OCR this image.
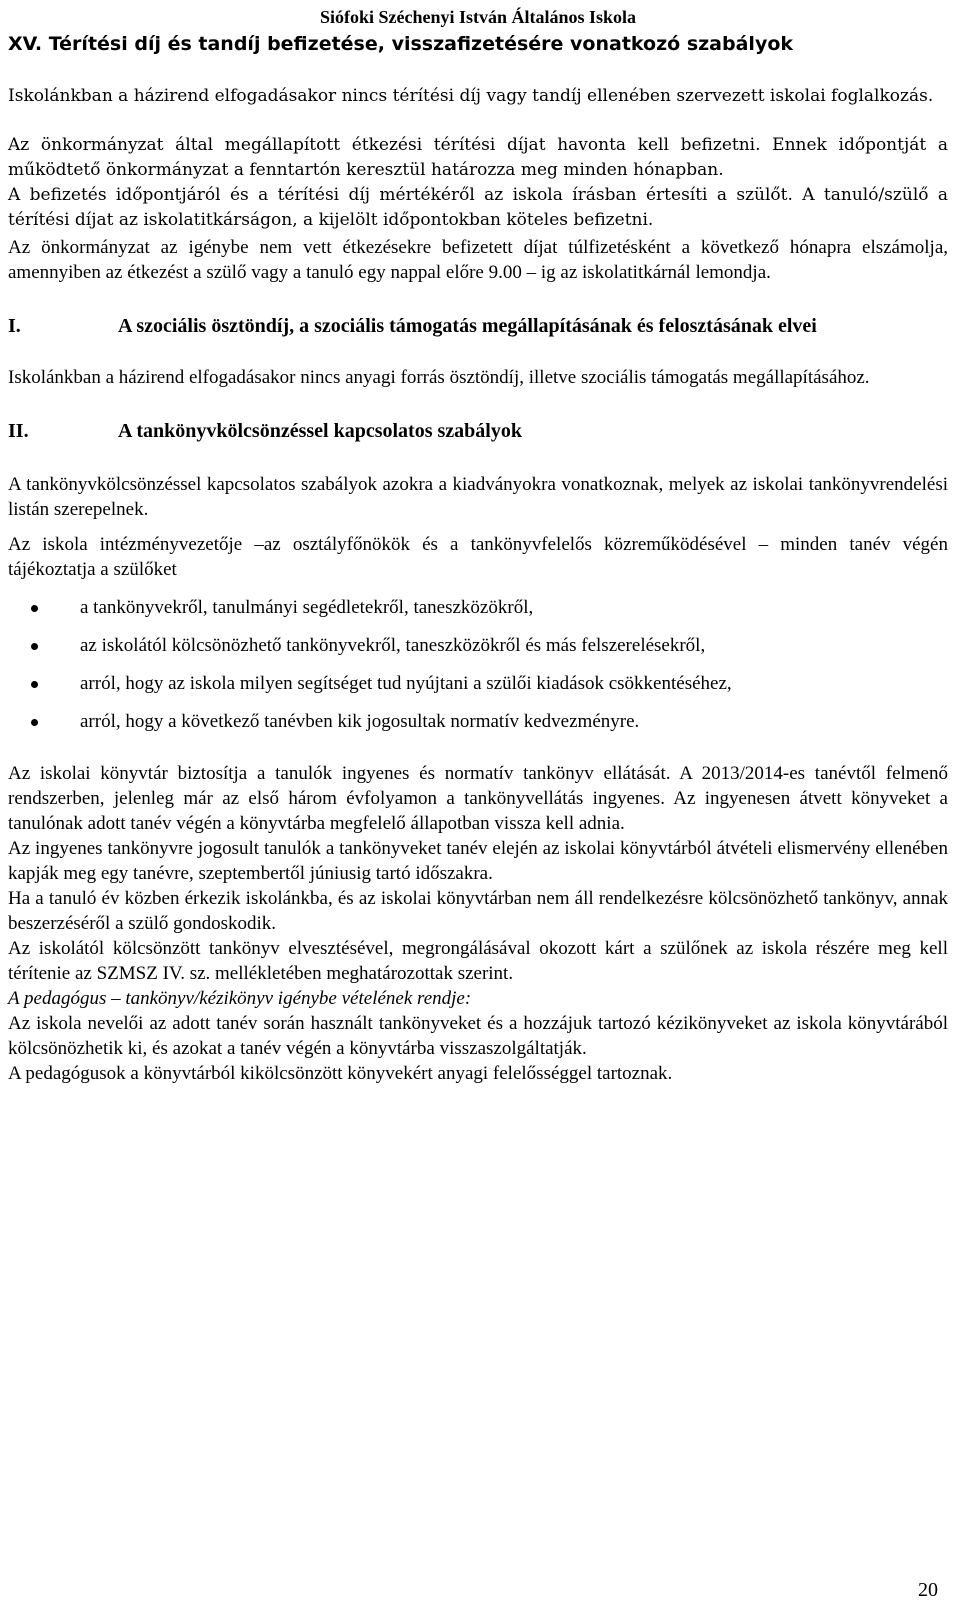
Siófoki Széchenyi István Általános Iskola
XV. Térítési díj és tandíj befizetése, visszafizetésére vonatkozó szabályok

Iskolánkban a házirend elfogadásakor nincs térítési díj vagy tandíj ellenében szervezett iskolai foglalkozás.

Az önkormányzat által megállapított étkezési térítési díjat havonta kell befizetni. Ennek időpontját a működtető önkormányzat a fenntartón keresztül határozza meg minden hónapban.

A befizetés időpontjáról és a térítési díj mértékéről az iskola írásban értesíti a szülőt. A tanuló/szülő a térítési díjat az iskolatitkárságon, a kijelölt időpontokban köteles befizetni.

Az önkormányzat az igénybe nem vett étkezésekre befizetett díjat túlfizetésként a következő hónapra elszámolja, amennyiben az étkezést a szülő vagy a tanuló egy nappal előre 9.00 – ig az iskolatitkárnál lemondja.

I.	A szociális ösztöndíj, a szociális támogatás megállapításának és felosztásának elvei

Iskolánkban a házirend elfogadásakor nincs anyagi forrás ösztöndíj, illetve szociális támogatás megállapításához.

II.	A tankönyvkölcsönzéssel kapcsolatos szabályok

A tankönyvkölcsönzéssel kapcsolatos szabályok azokra a kiadványokra vonatkoznak, melyek az iskolai tankönyvrendelési listán szerepelnek.

Az iskola intézményvezetője –az osztályfőnökök és a tankönyvfelelős közreműködésével – minden tanév végén tájékoztatja a szülőket

a tankönyvekről, tanulmányi segédletekről, taneszközökről,
az iskolától kölcsönözhető tankönyvekről, taneszközökről és más felszerelésekről,
arról, hogy az iskola milyen segítséget tud nyújtani a szülői kiadások csökkentéséhez,
arról, hogy a következő tanévben kik jogosultak normatív kedvezményre.

Az iskolai könyvtár biztosítja a tanulók ingyenes és normatív tankönyv ellátását. A 2013/2014-es tanévtől felmenő rendszerben, jelenleg már az első három évfolyamon a tankönyvellátás ingyenes. Az ingyenesen átvett könyveket a tanulónak adott tanév végén a könyvtárba megfelelő állapotban vissza kell adnia.

Az ingyenes tankönyvre jogosult tanulók a tankönyveket tanév elején az iskolai könyvtárból átvételi elismervény ellenében kapják meg egy tanévre, szeptembertől júniusig tartó időszakra.

Ha a tanuló év közben érkezik iskolánkba, és az iskolai könyvtárban nem áll rendelkezésre kölcsönözhető tankönyv, annak beszerzéséről a szülő gondoskodik.

Az iskolától kölcsönzött tankönyv elvesztésével, megrongálásával okozott kárt a szülőnek az iskola részére meg kell térítenie az SZMSZ IV. sz. mellékletében meghatározottak szerint.

A pedagógus – tankönyv/kézikönyv igénybe vételének rendje:

Az iskola nevelői az adott tanév során használt tankönyveket és a hozzájuk tartozó kézikönyveket az iskola könyvtárából kölcsönözhetik ki, és azokat a tanév végén a könyvtárba visszaszolgáltatják.

A pedagógusok a könyvtárból kikölcsönzött könyvekért anyagi felelősséggel tartoznak.

20
